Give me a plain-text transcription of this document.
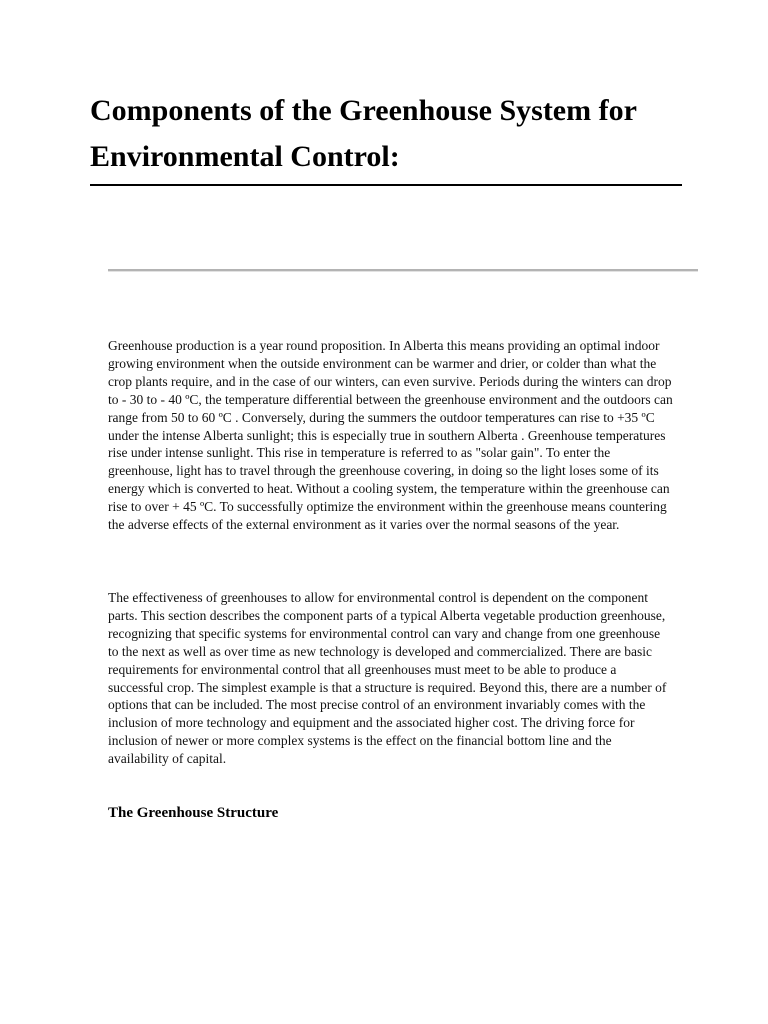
Components of the Greenhouse System for Environmental Control:

Greenhouse production is a year round proposition. In Alberta this means providing an optimal indoor growing environment when the outside environment can be warmer and drier, or colder than what the crop plants require, and in the case of our winters, can even survive. Periods during the winters can drop to - 30 to - 40 ºC, the temperature differential between the greenhouse environment and the outdoors can range from 50 to 60 ºC . Conversely, during the summers the outdoor temperatures can rise to +35 ºC under the intense Alberta sunlight; this is especially true in southern Alberta . Greenhouse temperatures rise under intense sunlight. This rise in temperature is referred to as "solar gain". To enter the greenhouse, light has to travel through the greenhouse covering, in doing so the light loses some of its energy which is converted to heat. Without a cooling system, the temperature within the greenhouse can rise to over + 45 ºC. To successfully optimize the environment within the greenhouse means countering the adverse effects of the external environment as it varies over the normal seasons of the year.

The effectiveness of greenhouses to allow for environmental control is dependent on the component parts. This section describes the component parts of a typical Alberta vegetable production greenhouse, recognizing that specific systems for environmental control can vary and change from one greenhouse to the next as well as over time as new technology is developed and commercialized. There are basic requirements for environmental control that all greenhouses must meet to be able to produce a successful crop. The simplest example is that a structure is required. Beyond this, there are a number of options that can be included. The most precise control of an environment invariably comes with the inclusion of more technology and equipment and the associated higher cost. The driving force for inclusion of newer or more complex systems is the effect on the financial bottom line and the availability of capital.

The Greenhouse Structure
